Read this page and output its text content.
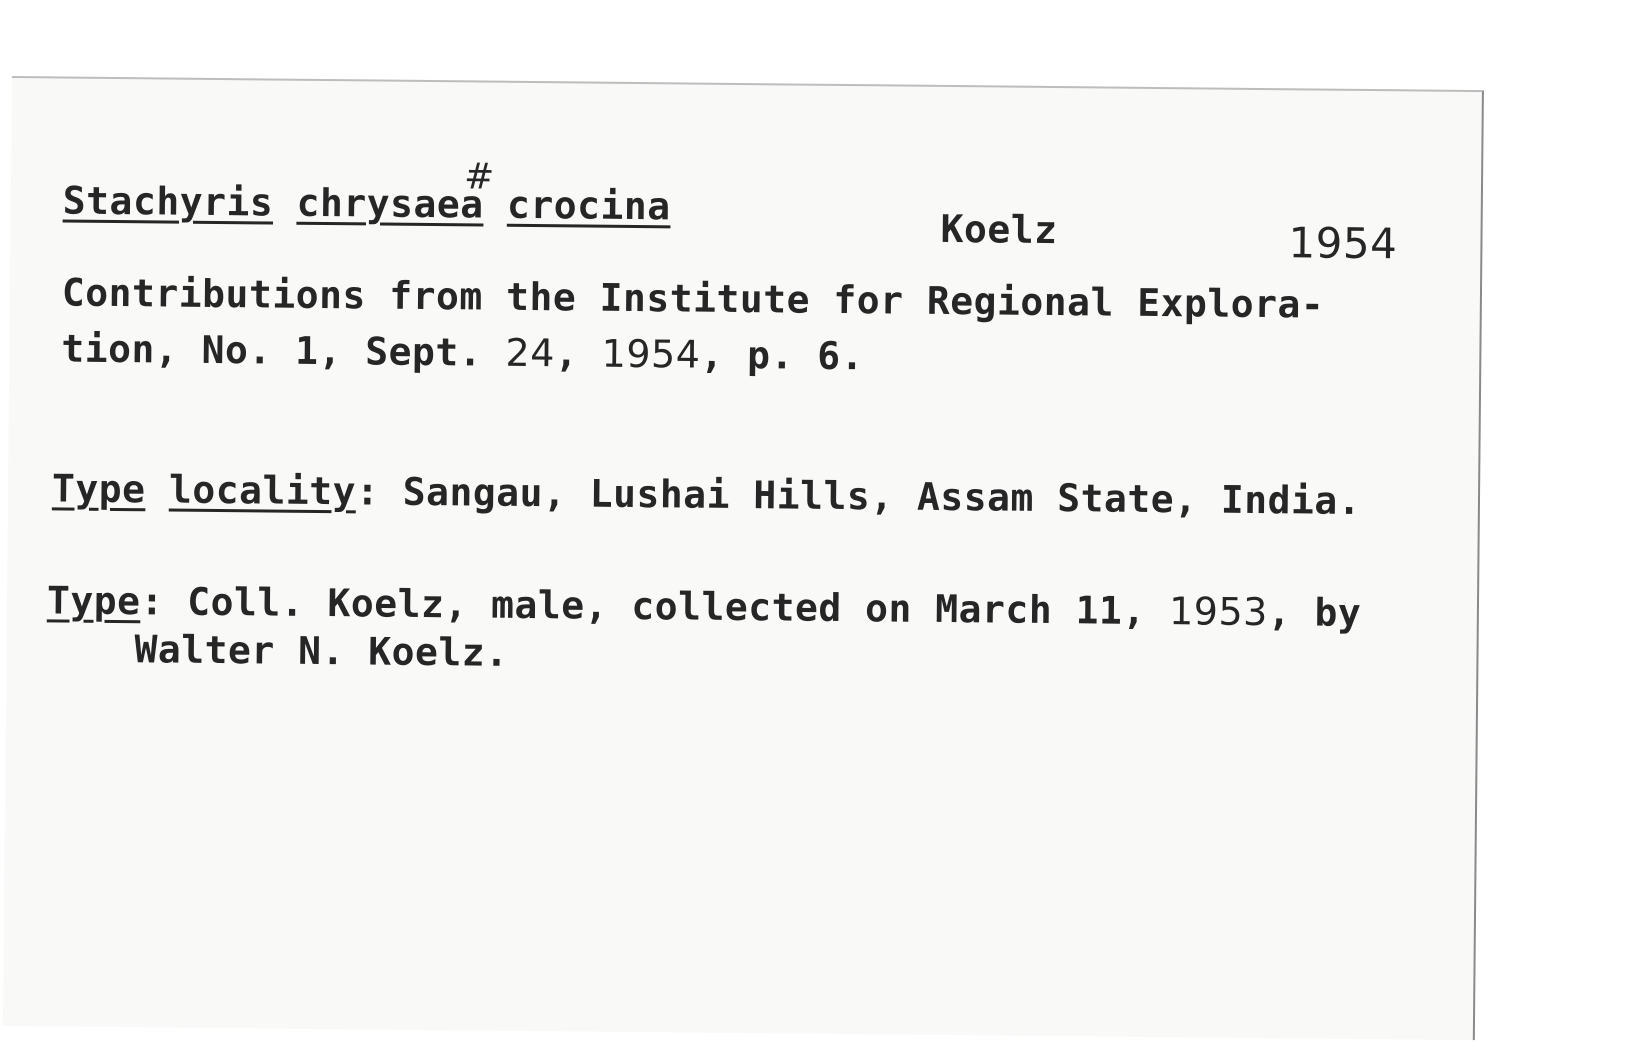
#

Stachyris chrysaea crocina

Koelz	1954

Contributions from the Institute for Regional Explora-

tion, No. 1, Sept. 24, 1954, p. 6.

Type locality: Sangau, Lushai Hills, Assam State, India.

Type: Coll. Koelz, male, collected on March 11, 1953, by

Walter N. Koelz.
